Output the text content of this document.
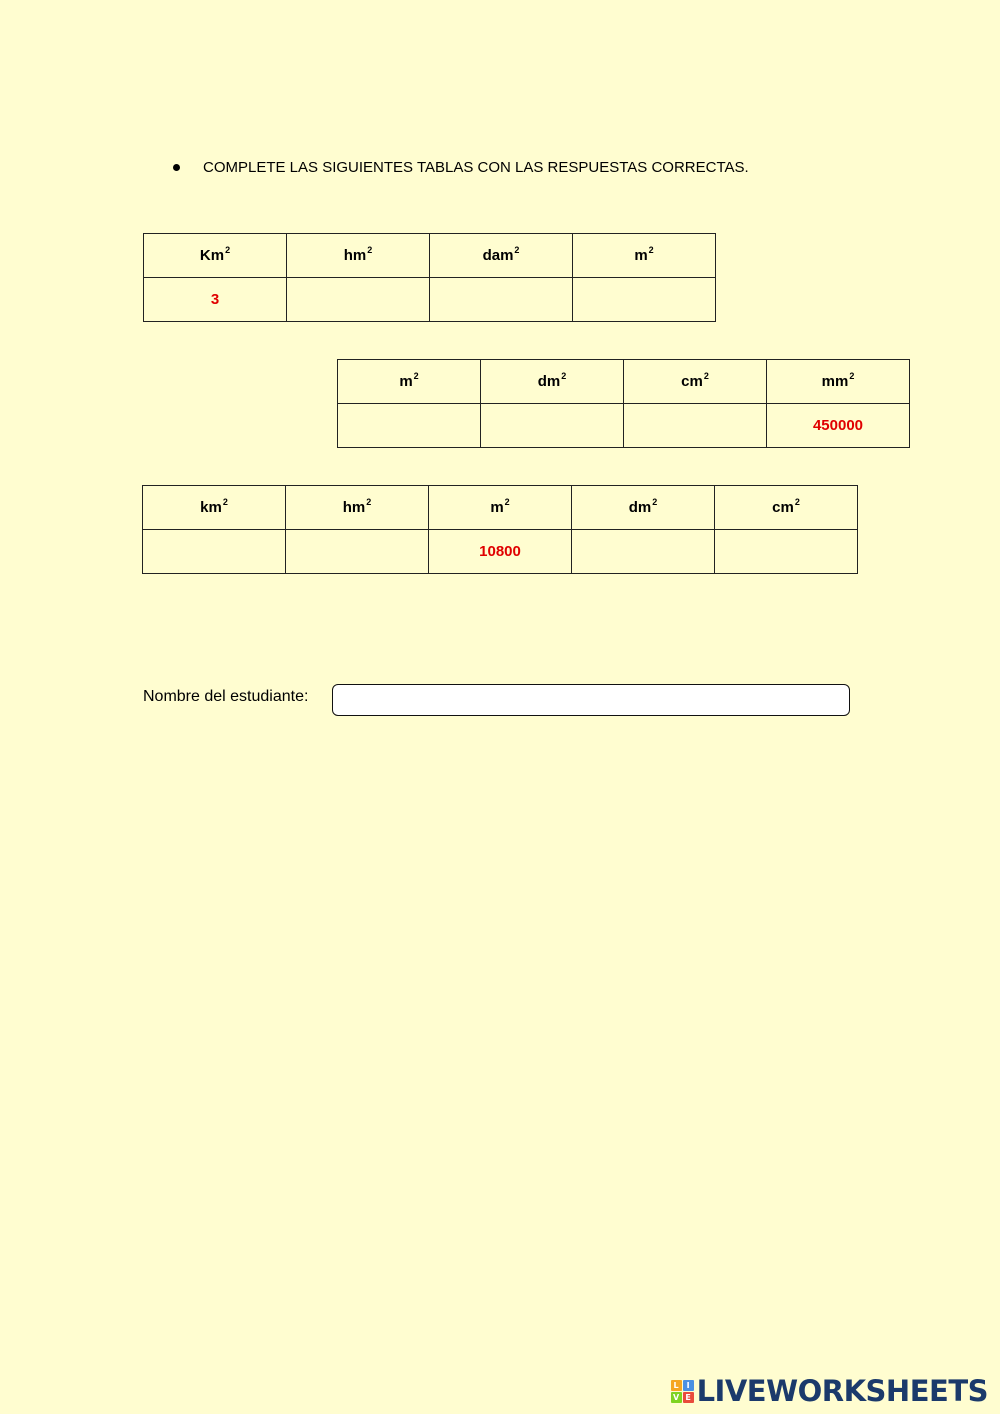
COMPLETE LAS SIGUIENTES TABLAS CON LAS RESPUESTAS CORRECTAS.
Km$^2$	$hm^2$	dam$^2$	$m^2$
3			
$m^2$	$dm^2$	$cm^2$	$mm^2$
			450000
$km^2$	$hm^2$	$m^2$	$dm^2$	$cm^2$
		10800		
Nombre del estudiante:
L I
V E LIVEWORKSHEETS
